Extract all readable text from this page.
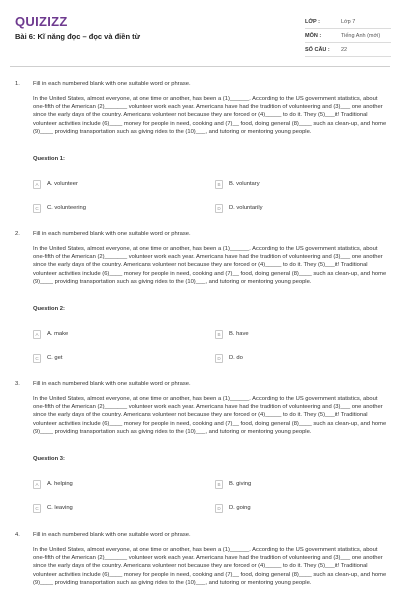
QUIZIZZ
Bài 6: Kĩ năng đọc – đọc và điền từ
LỚP :	Lớp 7
MÔN :	Tiếng Anh (mới)
SỐ CÂU :	22
1. Fill in each numbered blank with one suitable word or phrase.
In the United States, almost everyone, at one time or another, has been a (1)______. According to the US government statistics, about one-fifth of the American (2)_______ volunteer work each year. Americans have had the tradition of volunteering and (3)___ one another since the early days of the country. Americans volunteer not because they are forced or (4)_____ to do it. They (5)___it! Traditional volunteer activities include (6)____ money for people in need, cooking and (7)__ food, doing general (8)____ such as clean-up, and home (9)____ providing transportation such as giving rides to the (10)___, and tutoring or mentoring young people.
Question 1:
A	A. volunteer	B	B. voluntary
C	C. volunteering	D	D. voluntarily
2. Fill in each numbered blank with one suitable word or phrase.
In the United States, almost everyone, at one time or another, has been a (1)______. According to the US government statistics, about one-fifth of the American (2)_______ volunteer work each year. Americans have had the tradition of volunteering and (3)___ one another since the early days of the country. Americans volunteer not because they are forced or (4)_____ to do it. They (5)___it! Traditional volunteer activities include (6)____ money for people in need, cooking and (7)__ food, doing general (8)____ such as clean-up, and home (9)____ providing transportation such as giving rides to the (10)___, and tutoring or mentoring young people.
Question 2:
A	A. make	B	B. have
C	C. get	D	D. do
3. Fill in each numbered blank with one suitable word or phrase.
In the United States, almost everyone, at one time or another, has been a (1)______. According to the US government statistics, about one-fifth of the American (2)_______ volunteer work each year. Americans have had the tradition of volunteering and (3)___ one another since the early days of the country. Americans volunteer not because they are forced or (4)_____ to do it. They (5)___it! Traditional volunteer activities include (6)____ money for people in need, cooking and (7)__ food, doing general (8)____ such as clean-up, and home (9)____ providing transportation such as giving rides to the (10)___, and tutoring or mentoring young people.
Question 3:
A	A. helping	B	B. giving
C	C. leaving	D	D. going
4. Fill in each numbered blank with one suitable word or phrase.
In the United States, almost everyone, at one time or another, has been a (1)______. According to the US government statistics, about one-fifth of the American (2)_______ volunteer work each year. Americans have had the tradition of volunteering and (3)___ one another since the early days of the country. Americans volunteer not because they are forced or (4)_____ to do it. They (5)___it! Traditional volunteer activities include (6)____ money for people in need, cooking and (7)__ food, doing general (8)____ such as clean-up, and home (9)____ providing transportation such as giving rides to the (10)___, and tutoring or mentoring young people.
